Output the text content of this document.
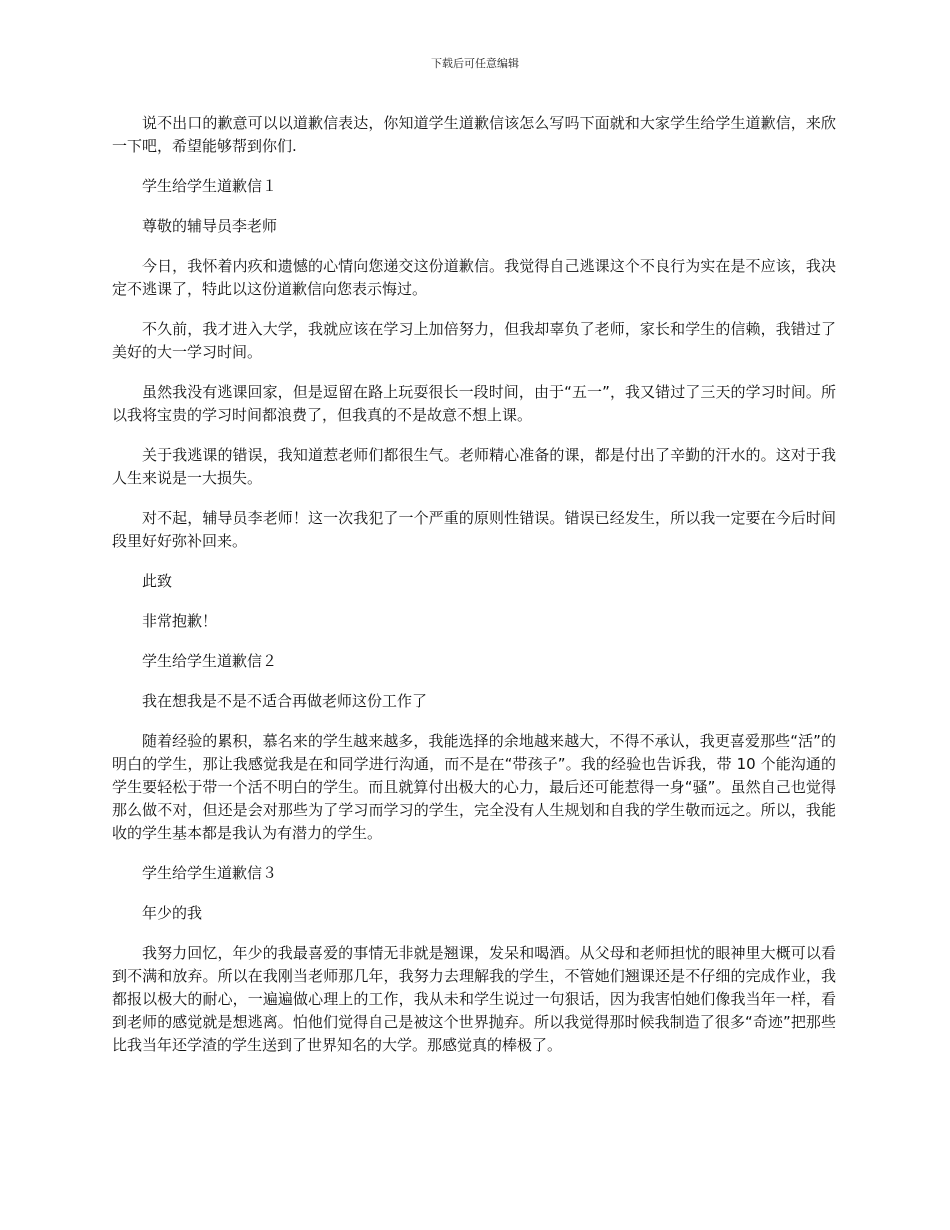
下载后可任意编辑

说不出口的歉意可以以道歉信表达，你知道学生道歉信该怎么写吗下面就和大家学生给学生道歉信，来欣一下吧，希望能够帮到你们.

学生给学生道歉信１

尊敬的辅导员李老师

今日，我怀着内疚和遗憾的心情向您递交这份道歉信。我觉得自己逃课这个不良行为实在是不应该，我决定不逃课了，特此以这份道歉信向您表示悔过。

不久前，我才进入大学，我就应该在学习上加倍努力，但我却辜负了老师，家长和学生的信赖，我错过了美好的大一学习时间。

虽然我没有逃课回家，但是逗留在路上玩耍很长一段时间，由于“五一”，我又错过了三天的学习时间。所以我将宝贵的学习时间都浪费了，但我真的不是故意不想上课。

关于我逃课的错误，我知道惹老师们都很生气。老师精心准备的课，都是付出了辛勤的汗水的。这对于我人生来说是一大损失。

对不起，辅导员李老师！这一次我犯了一个严重的原则性错误。错误已经发生，所以我一定要在今后时间段里好好弥补回来。

此致

非常抱歉！

学生给学生道歉信２

我在想我是不是不适合再做老师这份工作了

随着经验的累积，慕名来的学生越来越多，我能选择的余地越来越大，不得不承认，我更喜爱那些“活”的明白的学生，那让我感觉我是在和同学进行沟通，而不是在“带孩子”。我的经验也告诉我，带 10 个能沟通的学生要轻松于带一个活不明白的学生。而且就算付出极大的心力，最后还可能惹得一身“骚”。虽然自己也觉得那么做不对，但还是会对那些为了学习而学习的学生，完全没有人生规划和自我的学生敬而远之。所以，我能收的学生基本都是我认为有潜力的学生。

学生给学生道歉信３

年少的我

我努力回忆，年少的我最喜爱的事情无非就是翘课，发呆和喝酒。从父母和老师担忧的眼神里大概可以看到不满和放弃。所以在我刚当老师那几年，我努力去理解我的学生，不管她们翘课还是不仔细的完成作业，我都报以极大的耐心，一遍遍做心理上的工作，我从未和学生说过一句狠话，因为我害怕她们像我当年一样，看到老师的感觉就是想逃离。怕他们觉得自己是被这个世界抛弃。所以我觉得那时候我制造了很多“奇迹”把那些比我当年还学渣的学生送到了世界知名的大学。那感觉真的棒极了。
